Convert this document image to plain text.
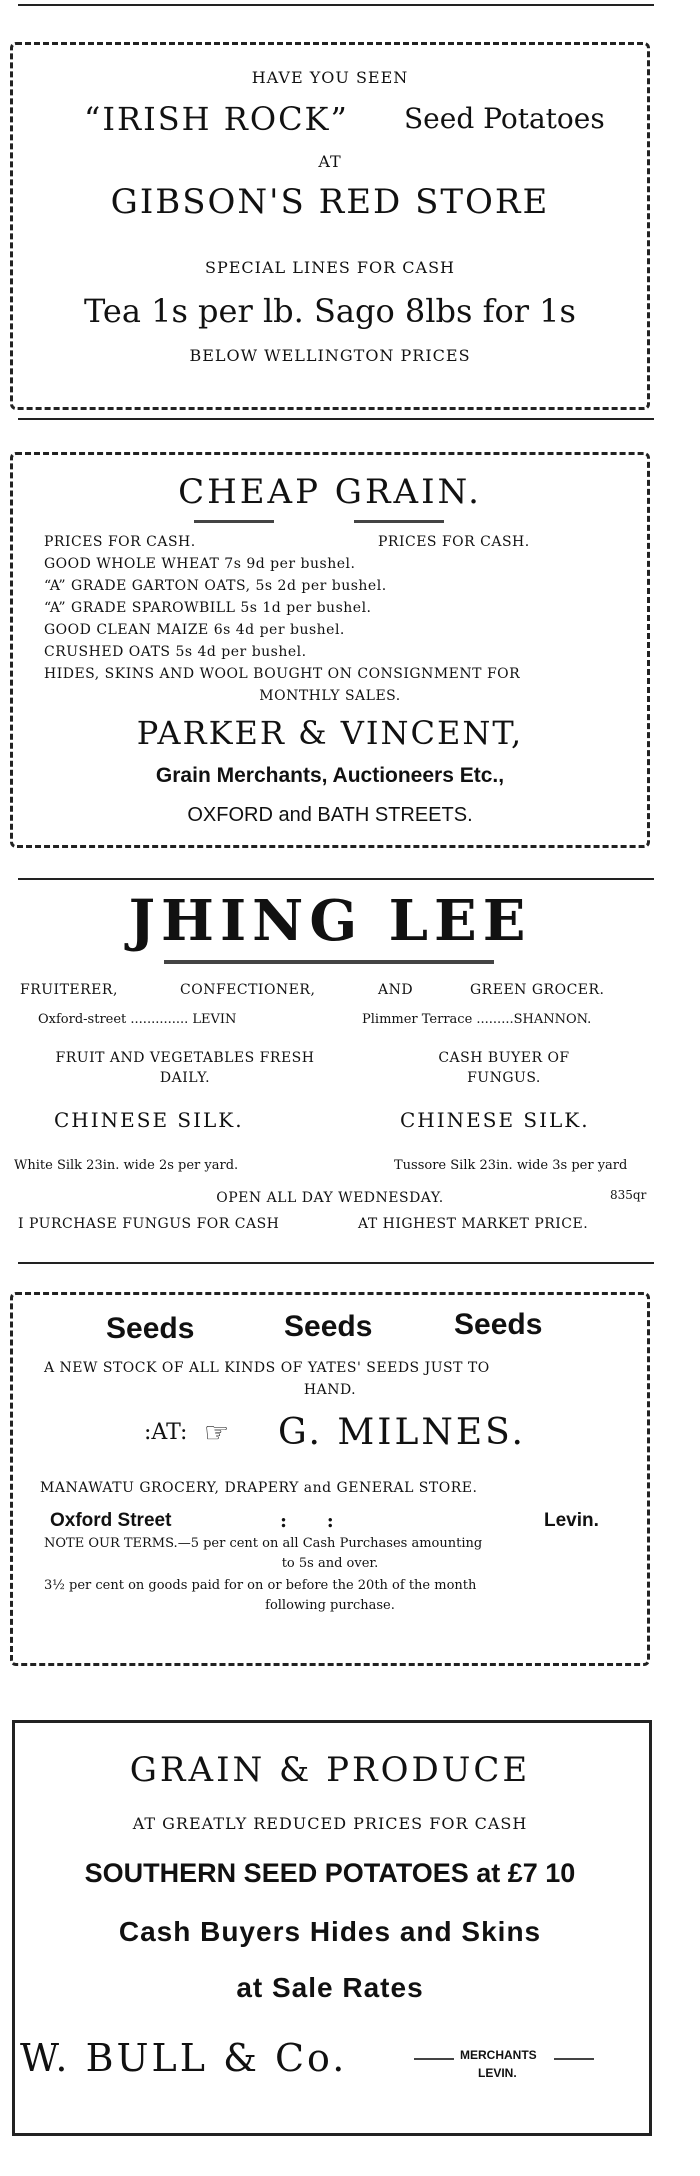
HAVE YOU SEEN
“IRISH ROCK” Seed Potatoes
AT
GIBSON'S RED STORE
SPECIAL LINES FOR CASH
Tea 1s per lb. Sago 8lbs for 1s
BELOW WELLINGTON PRICES
CHEAP GRAIN.
PRICES FOR CASH.	PRICES FOR CASH.
GOOD WHOLE WHEAT 7s 9d per bushel.
“A” GRADE GARTON OATS, 5s 2d per bushel.
“A” GRADE SPAROWBILL 5s 1d per bushel.
GOOD CLEAN MAIZE 6s 4d per bushel.
CRUSHED OATS 5s 4d per bushel.
HIDES, SKINS AND WOOL BOUGHT ON CONSIGNMENT FOR
MONTHLY SALES.
PARKER & VINCENT,
Grain Merchants, Auctioneers Etc.,
OXFORD and BATH STREETS.
JHING LEE
FRUITERER,	CONFECTIONER,	AND	GREEN GROCER.
Oxford-street .............. LEVIN	Plimmer Terrace .........SHANNON.
FRUIT AND VEGETABLES FRESH
DAILY.
CASH BUYER OF
FUNGUS.
CHINESE SILK.	CHINESE SILK.
White Silk 23in. wide 2s per yard.	Tussore Silk 23in. wide 3s per yard
OPEN ALL DAY WEDNESDAY.	835qr
I PURCHASE FUNGUS FOR CASH	AT HIGHEST MARKET PRICE.
Seeds	Seeds	Seeds
A NEW STOCK OF ALL KINDS OF YATES' SEEDS JUST TO
HAND.
:AT: ☞ G. MILNES.
MANAWATU GROCERY, DRAPERY and GENERAL STORE.
Oxford Street	:      :	Levin.
NOTE OUR TERMS.—5 per cent on all Cash Purchases amounting
to 5s and over.
3½ per cent on goods paid for on or before the 20th of the month
following purchase.
GRAIN & PRODUCE
AT GREATLY REDUCED PRICES FOR CASH
SOUTHERN SEED POTATOES at £7 10
Cash Buyers Hides and Skins
at Sale Rates
W. BULL & Co.	MERCHANTS
LEVIN.
